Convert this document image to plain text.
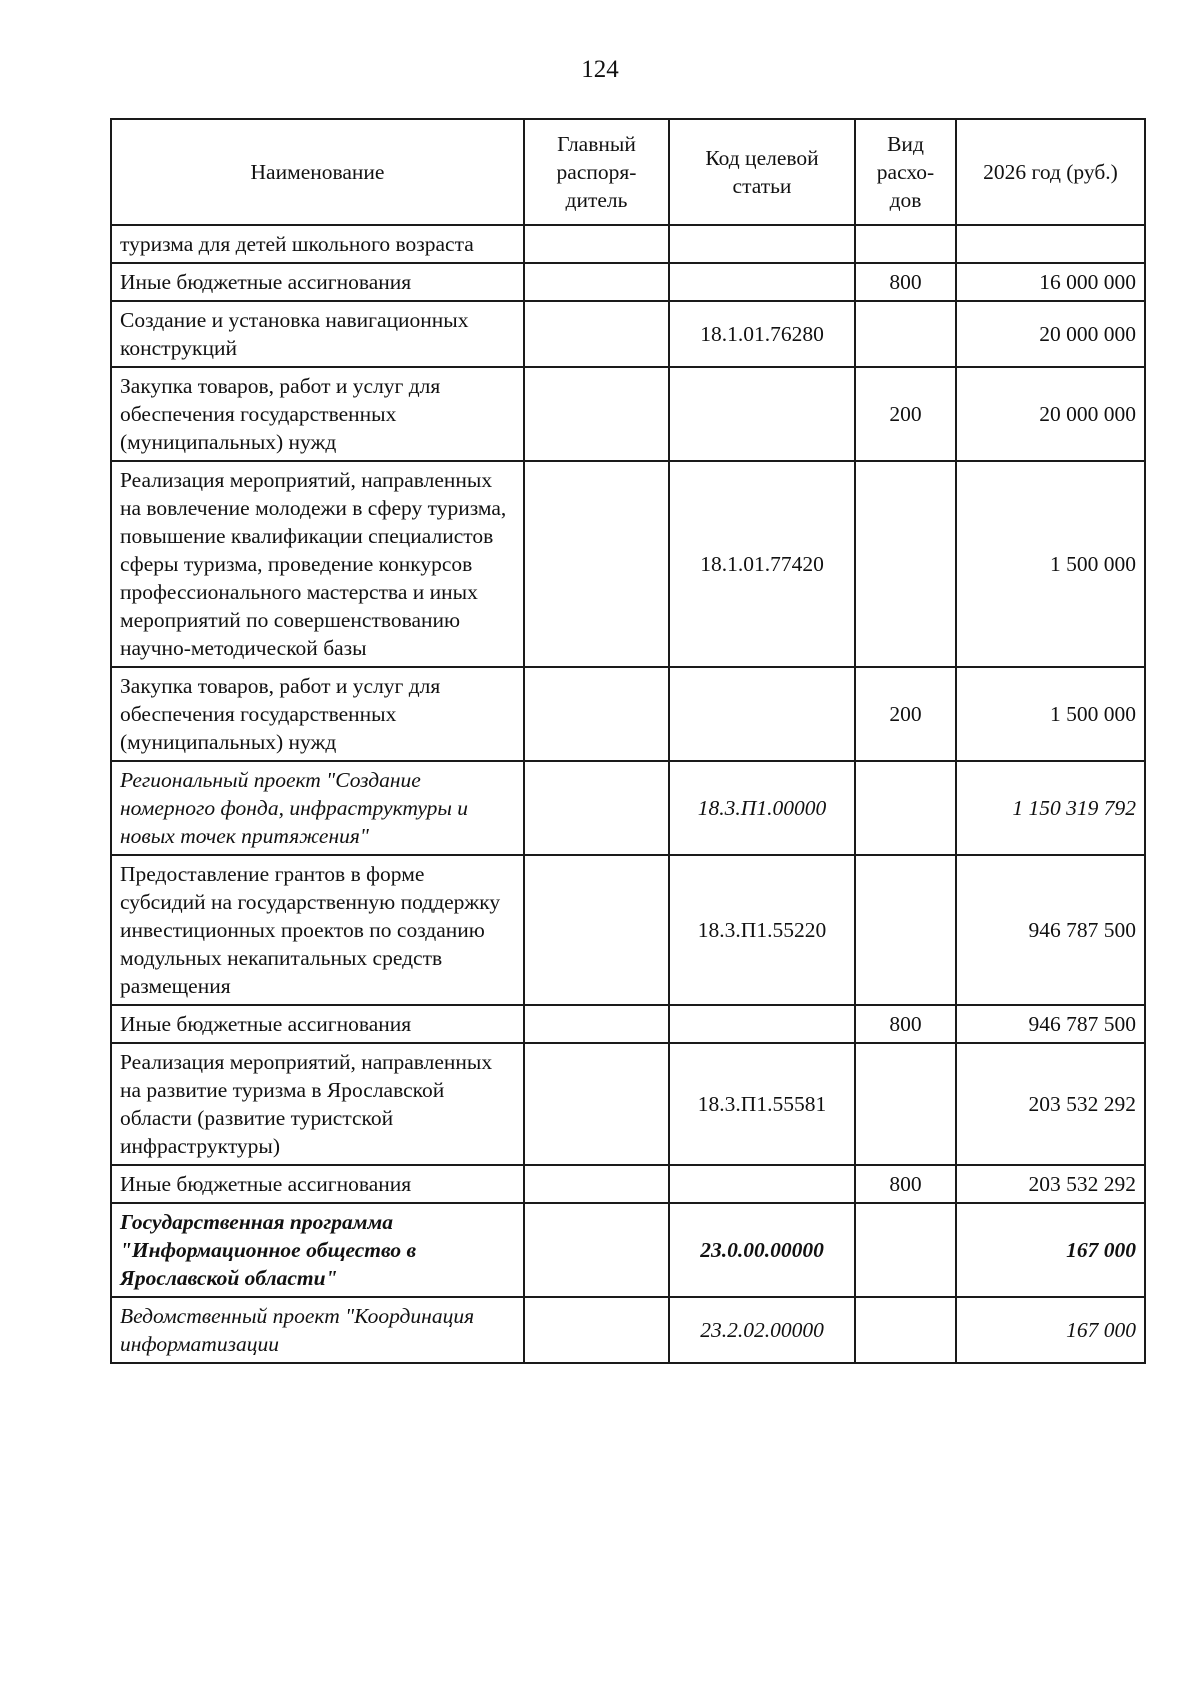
124
Наименование	Главный распоря-дитель	Код целевой статьи	Вид расхо-дов	2026 год (руб.)
туризма для детей школьного возраста				
Иные бюджетные ассигнования			800	16 000 000
Создание и установка навигационных конструкций		18.1.01.76280		20 000 000
Закупка товаров, работ и услуг для обеспечения государственных (муниципальных) нужд			200	20 000 000
Реализация мероприятий, направленных на вовлечение молодежи в сферу туризма, повышение квалификации специалистов сферы туризма, проведение конкурсов профессионального мастерства и иных мероприятий по совершенствованию научно-методической базы		18.1.01.77420		1 500 000
Закупка товаров, работ и услуг для обеспечения государственных (муниципальных) нужд			200	1 500 000
Региональный проект "Создание номерного фонда, инфраструктуры и новых точек притяжения"		18.3.П1.00000		1 150 319 792
Предоставление грантов в форме субсидий на государственную поддержку инвестиционных проектов по созданию модульных некапитальных средств размещения		18.3.П1.55220		946 787 500
Иные бюджетные ассигнования			800	946 787 500
Реализация мероприятий, направленных на развитие туризма в Ярославской области (развитие туристской инфраструктуры)		18.3.П1.55581		203 532 292
Иные бюджетные ассигнования			800	203 532 292
Государственная программа "Информационное общество в Ярославской области"		23.0.00.00000		167 000
Ведомственный проект "Координация информатизации		23.2.02.00000		167 000
